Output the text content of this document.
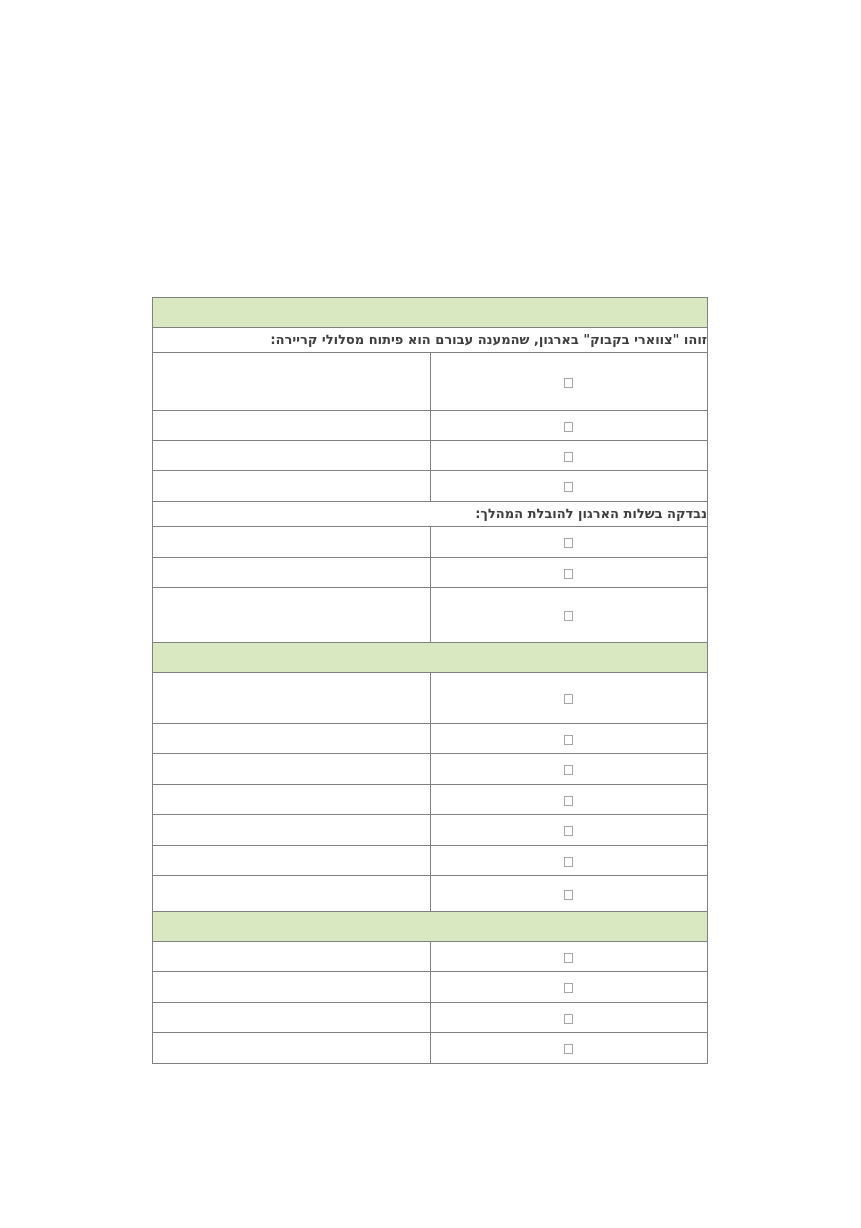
זוהו "צווארי בקבוק" בארגון, שהמענה עבורם הוא פיתוח מסלולי קריירה:	

נבדקה בשלות הארגון להובלת המהלך:	
